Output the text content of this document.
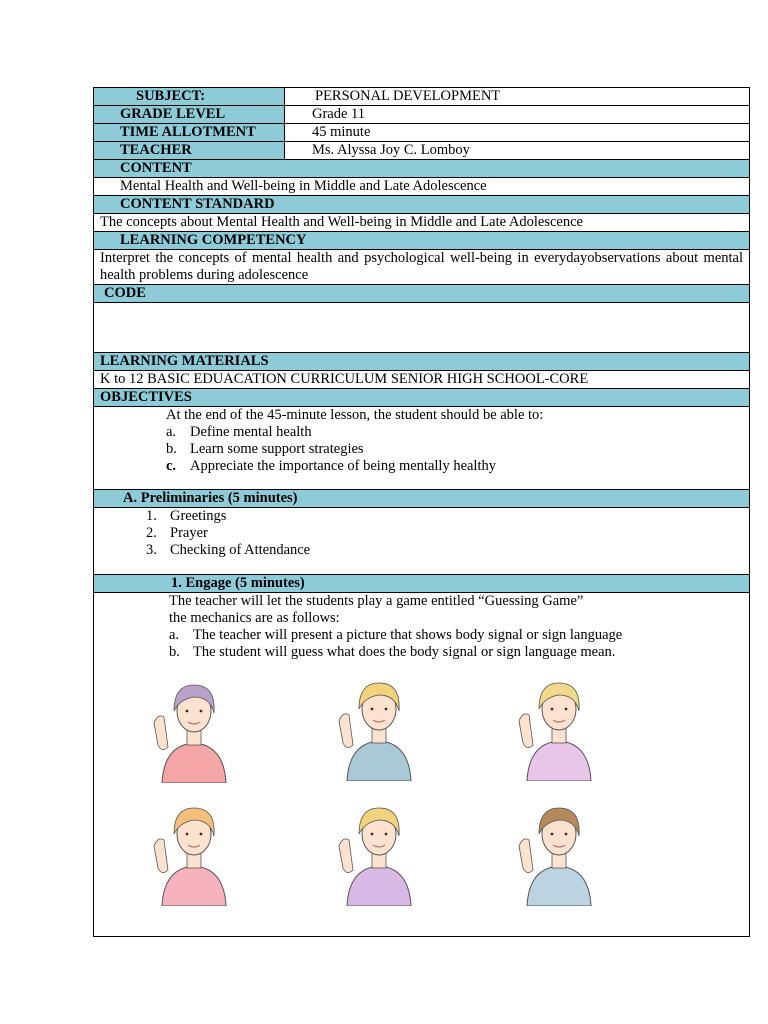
SUBJECT:	PERSONAL DEVELOPMENT
GRADE LEVEL	Grade 11
TIME ALLOTMENT	45 minute
TEACHER	Ms. Alyssa Joy C. Lomboy
CONTENT
Mental Health and Well-being in Middle and Late Adolescence
CONTENT STANDARD
The concepts about Mental Health and Well-being in Middle and Late Adolescence
LEARNING COMPETENCY
Interpret the concepts of mental health and psychological well-being in everydayobservations about mental health problems during adolescence
CODE
LEARNING MATERIALS
K to 12 BASIC EDUACATION CURRICULUM SENIOR HIGH SCHOOL-CORE
OBJECTIVES
At the end of the 45-minute lesson, the student should be able to:
a. Define mental health
b. Learn some support strategies
c. Appreciate the importance of being mentally healthy
A. Preliminaries (5 minutes)
1. Greetings
2. Prayer
3. Checking of Attendance
1. Engage (5 minutes)
The teacher will let the students play a game entitled “Guessing Game”
the mechanics are as follows:
a. The teacher will present a picture that shows body signal or sign language
b. The student will guess what does the body signal or sign language mean.
